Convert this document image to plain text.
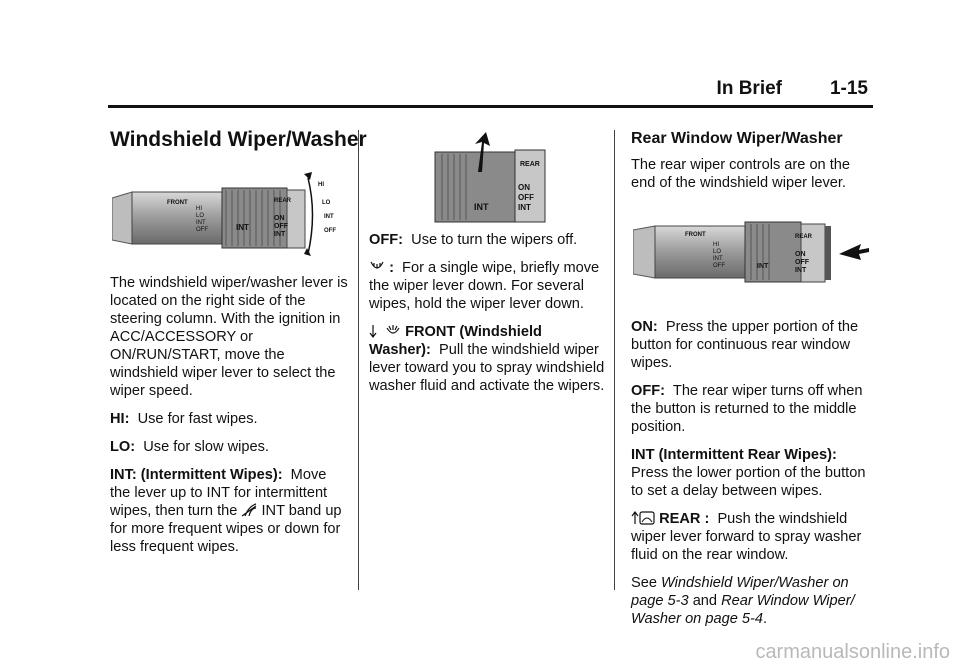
In Brief	1-15
Windshield Wiper/Washer
FRONT
HI
LO
INT
OFF	INT
REAR
ON
OFF
INT
HI
LO
INT
OFF

The windshield wiper/washer lever is located on the right side of the steering column. With the ignition in ACC/ACCESSORY or ON/RUN/START, move the windshield wiper lever to select the wiper speed.

HI: Use for fast wipes.

LO: Use for slow wipes.

INT: (Intermittent Wipes): Move the lever up to INT for intermittent wipes, then turn the INT band up for more frequent wipes or down for less frequent wipes.

INT
REAR
ON
OFF
INT

OFF: Use to turn the wipers off.

: For a single wipe, briefly move the wiper lever down. For several wipes, hold the wiper lever down.

FRONT (Windshield
Washer): Pull the windshield wiper lever toward you to spray windshield washer fluid and activate the wipers.

Rear Window Wiper/Washer

The rear wiper controls are on the end of the windshield wiper lever.

FRONT
HI
LO
INT
OFF	INT
REAR
ON
OFF
INT

ON: Press the upper portion of the button for continuous rear window wipes.

OFF: The rear wiper turns off when the button is returned to the middle position.

INT (Intermittent Rear Wipes):
Press the lower portion of the button to set a delay between wipes.

REAR : Push the windshield wiper lever forward to spray washer fluid on the rear window.

See Windshield Wiper/Washer on page 5-3 and Rear Window Wiper/ Washer on page 5-4.

carmanualsonline.info
